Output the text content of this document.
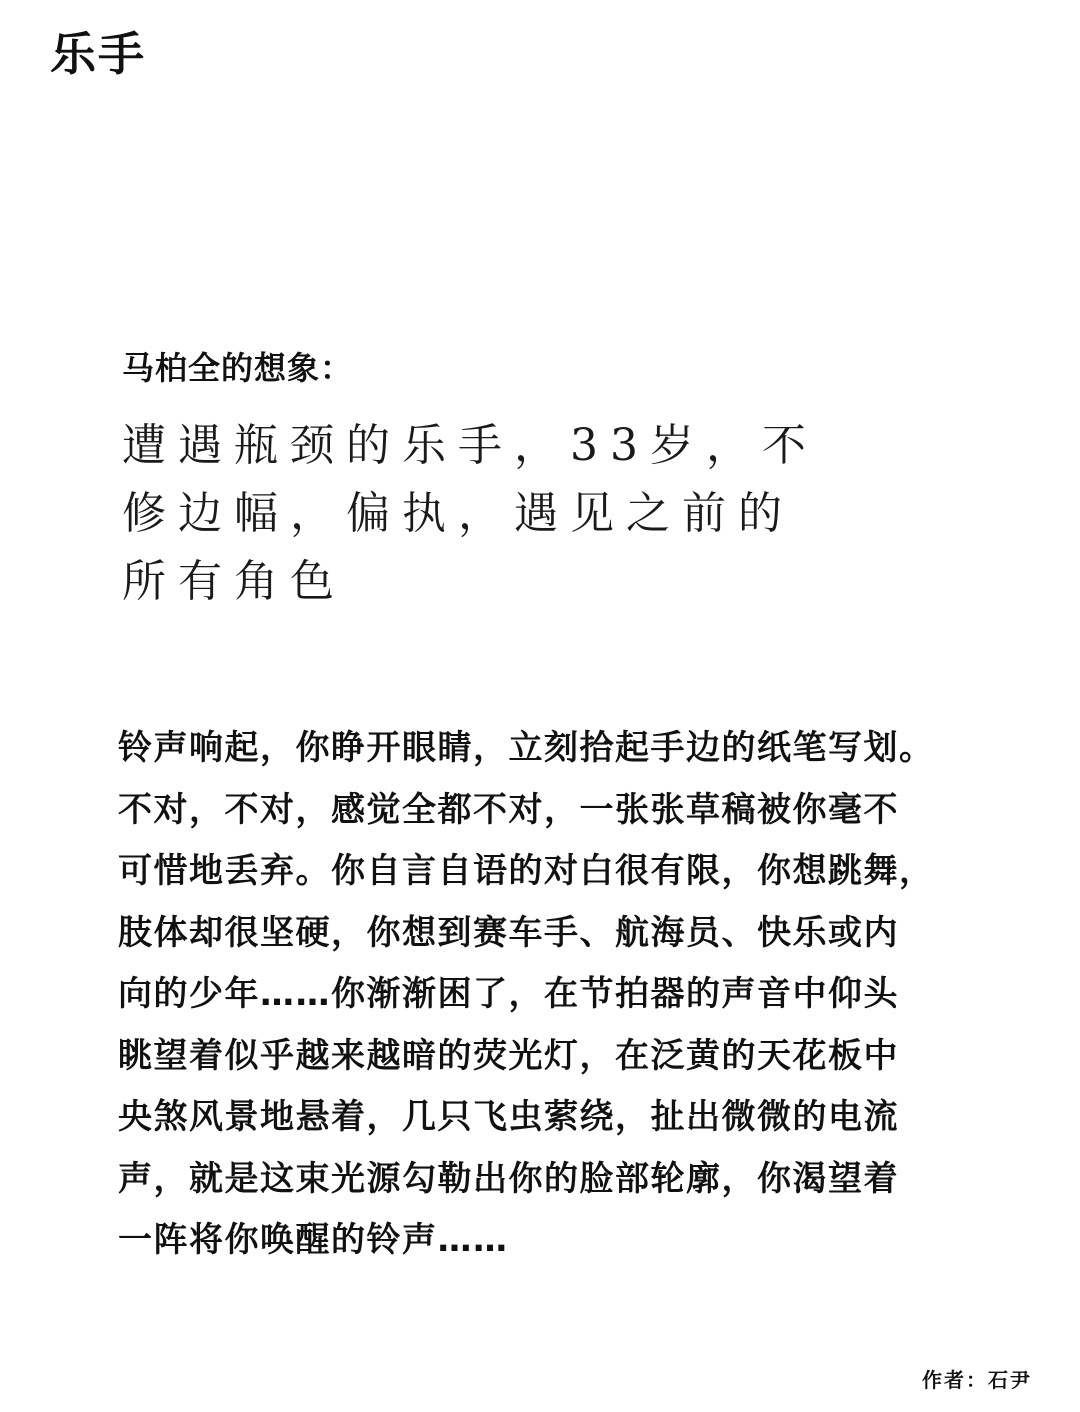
乐手

马柏全的想象：

遭遇瓶颈的乐手，33岁，不
修边幅，偏执，遇见之前的
所有角色
铃声响起，你睁开眼睛，立刻拾起手边的纸笔写划。
不对，不对，感觉全都不对，一张张草稿被你毫不
可惜地丢弃。你自言自语的对白很有限，你想跳舞，
肢体却很坚硬，你想到赛车手、航海员、快乐或内
向的少年……你渐渐困了，在节拍器的声音中仰头
眺望着似乎越来越暗的荧光灯，在泛黄的天花板中
央煞风景地悬着，几只飞虫萦绕，扯出微微的电流
声，就是这束光源勾勒出你的脸部轮廓，你渴望着
一阵将你唤醒的铃声……

作者：石尹
